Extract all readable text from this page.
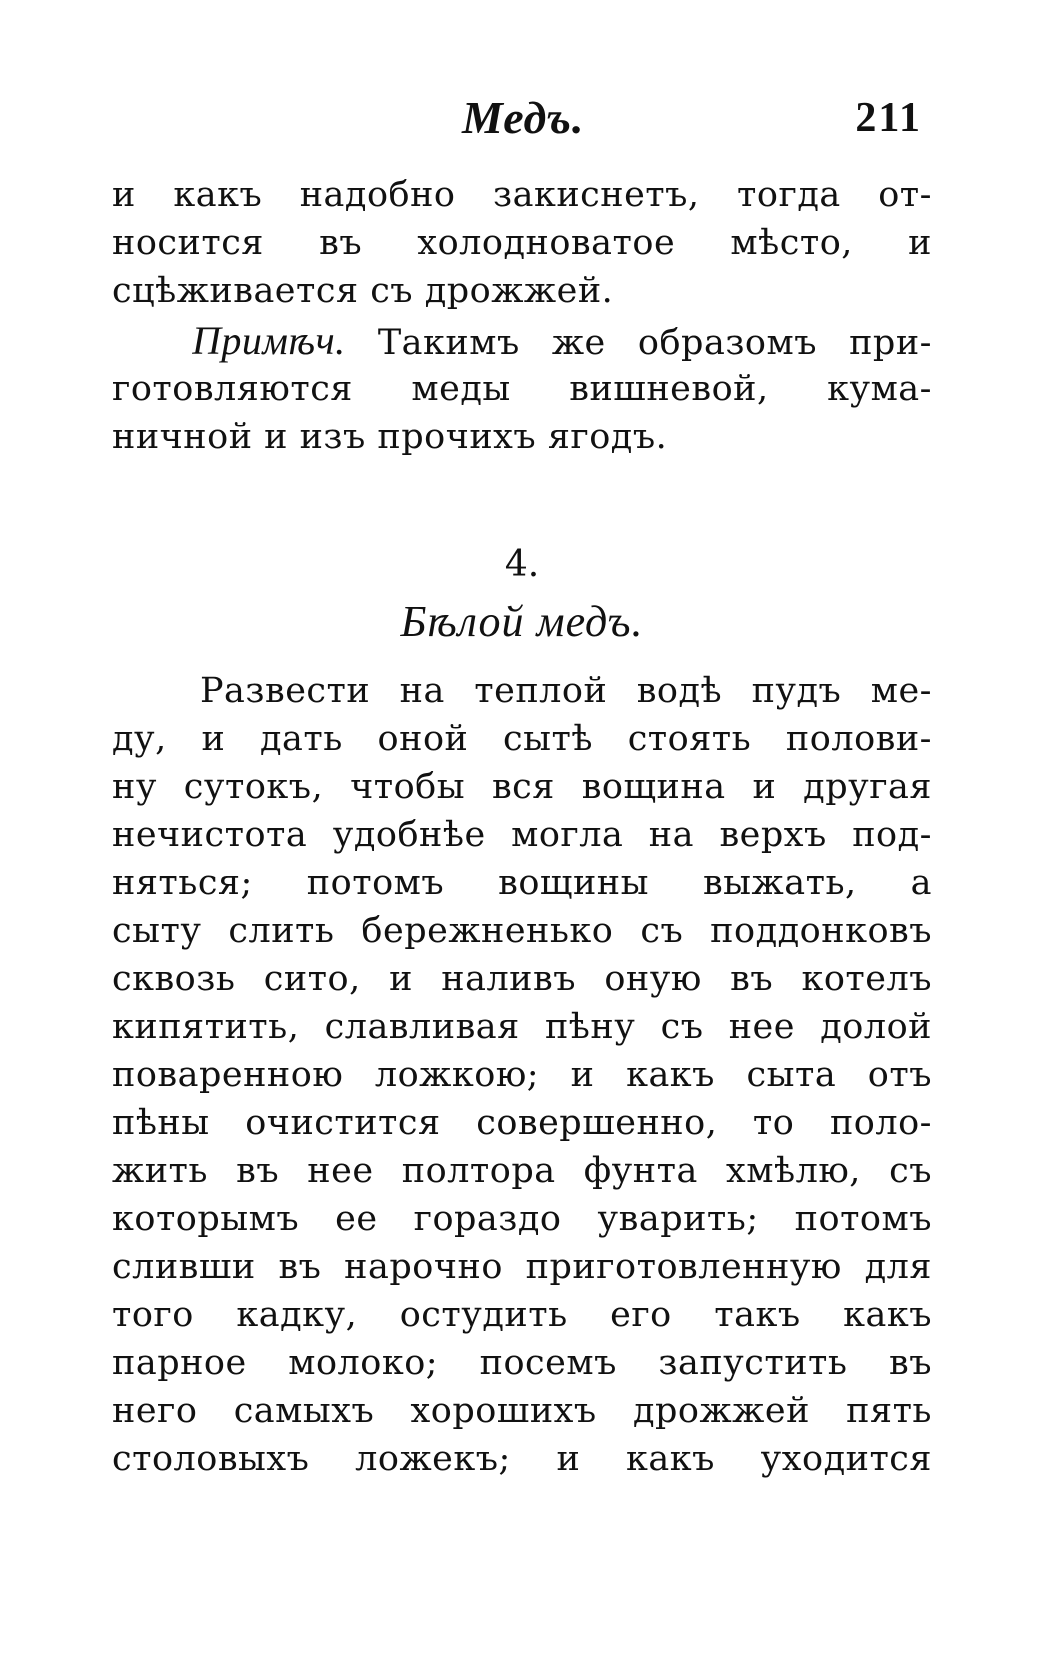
Медъ.	211
и какъ надобно закиснетъ, тогда от-
носится въ холодноватое мѣсто, и
сцѣживается съ дрожжей.
Примѣч. Такимъ же образомъ при-
готовляются меды вишневой, кума-
ничной и изъ прочихъ ягодъ.
4.
Бѣлой медъ.
Развести на теплой водѣ пудъ ме-
ду, и дать оной сытѣ стоять полови-
ну сутокъ, чтобы вся вощина и другая
нечистота удобнѣе могла на верхъ под-
няться; потомъ вощины выжать, а
сыту слить бережненько съ поддонковъ
сквозь сито, и наливъ оную въ котелъ
кипятить, славливая пѣну съ нее долой
поваренною ложкою; и какъ сыта отъ
пѣны очистится совершенно, то поло-
жить въ нее полтора фунта хмѣлю, съ
которымъ ее гораздо уварить; потомъ
сливши въ нарочно приготовленную для
того кадку, остудить его такъ какъ
парное молоко; посемъ запустить въ
него самыхъ хорошихъ дрожжей пять
столовыхъ ложекъ; и какъ уходится
